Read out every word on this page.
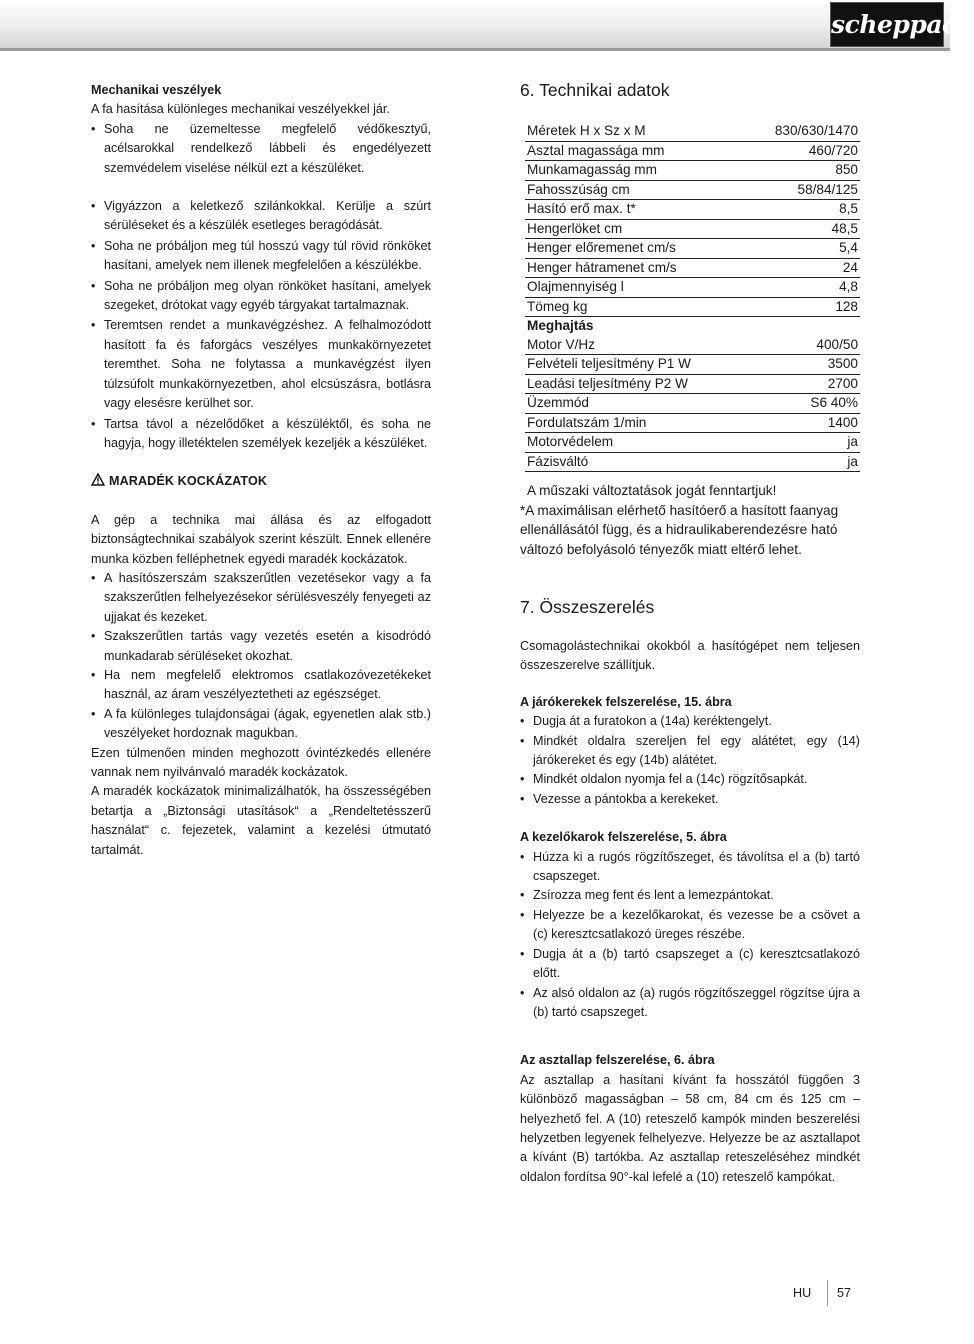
scheppach

Mechanikai veszélyek

A fa hasítása különleges mechanikai veszélyekkel jár.

• Soha ne üzemeltesse megfelelő védőkesztyű, acélsarokkal rendelkező lábbeli és engedélyezett szemvédelem viselése nélkül ezt a készüléket.
• Vigyázzon a keletkező szilánkokkal. Kerülje a szúrt sérüléseket és a készülék esetleges beragódását.
• Soha ne próbáljon meg túl hosszú vagy túl rövid rönköket hasítani, amelyek nem illenek megfelelően a készülékbe.
• Soha ne próbáljon meg olyan rönköket hasítani, amelyek szegeket, drótokat vagy egyéb tárgyakat tartalmaznak.
• Teremtsen rendet a munkavégzéshez. A felhalmozódott hasított fa és faforgács veszélyes munkakörnyezetet teremthet. Soha ne folytassa a munkavégzést ilyen túlzsúfolt munkakörnyezetben, ahol elcsúszásra, botlásra vagy elesésre kerülhet sor.
• Tartsa távol a nézelődőket a készüléktől, és soha ne hagyja, hogy illetéktelen személyek kezeljék a készüléket.

MARADÉK KOCKÁZATOK

A gép a technika mai állása és az elfogadott biztonságtechnikai szabályok szerint készült. Ennek ellenére munka közben felléphetnek egyedi maradék kockázatok.

• A hasítószerszám szakszerűtlen vezetésekor vagy a fa szakszerűtlen felhelyezésekor sérülésveszély fenyegeti az ujjakat és kezeket.
• Szakszerűtlen tartás vagy vezetés esetén a kisodródó munkadarab sérüléseket okozhat.
• Ha nem megfelelő elektromos csatlakozóvezetékeket használ, az áram veszélyeztetheti az egészséget.
• A fa különleges tulajdonságai (ágak, egyenetlen alak stb.) veszélyeket hordoznak magukban.

Ezen túlmenően minden meghozott óvintézkedés ellenére vannak nem nyilvánvaló maradék kockázatok.

A maradék kockázatok minimalizálhatók, ha összességében betartja a „Biztonsági utasítások“ a „Rendeltetésszerű használat“ c. fejezetek, valamint a kezelési útmutató tartalmát.

6. Technikai adatok
Méretek H x Sz x M	830/630/1470
Asztal magassága mm	460/720
Munkamagasság mm	850
Fahosszúság cm	58/84/125
Hasító erő max. t*	8,5
Hengerlöket cm	48,5
Henger előremenet cm/s	5,4
Henger hátramenet cm/s	24
Olajmennyiség l	4,8
Tömeg kg	128
Meghajtás	
Motor V/Hz	400/50
Felvételi teljesítmény P1 W	3500
Leadási teljesítmény P2 W	2700
Üzemmód	S6 40%
Fordulatszám 1/min	1400
Motorvédelem	ja
Fázisváltó	ja

A műszaki változtatások jogát fenntartjuk!

*A maximálisan elérhető hasítóerő a hasított faanyag ellenállásától függ, és a hidraulikaberendezésre ható változó befolyásoló tényezők miatt eltérő lehet.

7. Összeszerelés

Csomagolástechnikai okokból a hasítógépet nem teljesen összeszerelve szállítjuk.

A járókerekek felszerelése, 15. ábra

• Dugja át a furatokon a (14a) keréktengelyt.
• Mindkét oldalra szereljen fel egy alátétet, egy (14) járókereket és egy (14b) alátétet.
• Mindkét oldalon nyomja fel a (14c) rögzítősapkát.
• Vezesse a pántokba a kerekeket.

A kezelőkarok felszerelése, 5. ábra

• Húzza ki a rugós rögzítőszeget, és távolítsa el a (b) tartó csapszeget.
• Zsírozza meg fent és lent a lemezpántokat.
• Helyezze be a kezelőkarokat, és vezesse be a csövet a (c) keresztcsatlakozó üreges részébe.
• Dugja át a (b) tartó csapszeget a (c) keresztcsatlakozó előtt.
• Az alsó oldalon az (a) rugós rögzítőszeggel rögzítse újra a (b) tartó csapszeget.

Az asztallap felszerelése, 6. ábra

Az asztallap a hasítani kívánt fa hosszától függően 3 különböző magasságban – 58 cm, 84 cm és 125 cm – helyezhető fel. A (10) reteszelő kampók minden beszerelési helyzetben legyenek felhelyezve. Helyezze be az asztallapot a kívánt (B) tartókba. Az asztallap reteszeléséhez mindkét oldalon fordítsa 90°-kal lefelé a (10) reteszelő kampókat.

HU 57
